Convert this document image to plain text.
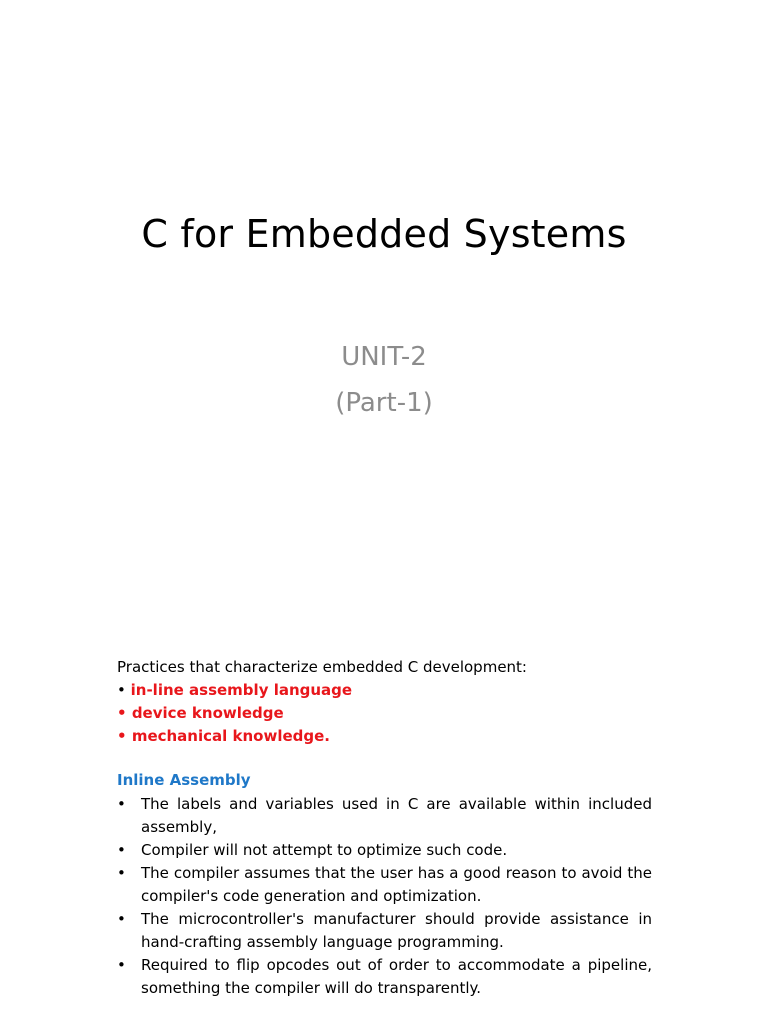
C for Embedded Systems
UNIT-2
(Part-1)
Practices that characterize embedded C development:
• in-line assembly language
• device knowledge
• mechanical knowledge.
Inline Assembly
• The labels and variables used in C are available within included assembly,
• Compiler will not attempt to optimize such code.
• The compiler assumes that the user has a good reason to avoid the compiler's code generation and optimization.
• The microcontroller's manufacturer should provide assistance in hand-crafting assembly language programming.
• Required to flip opcodes out of order to accommodate a pipeline, something the compiler will do transparently.
